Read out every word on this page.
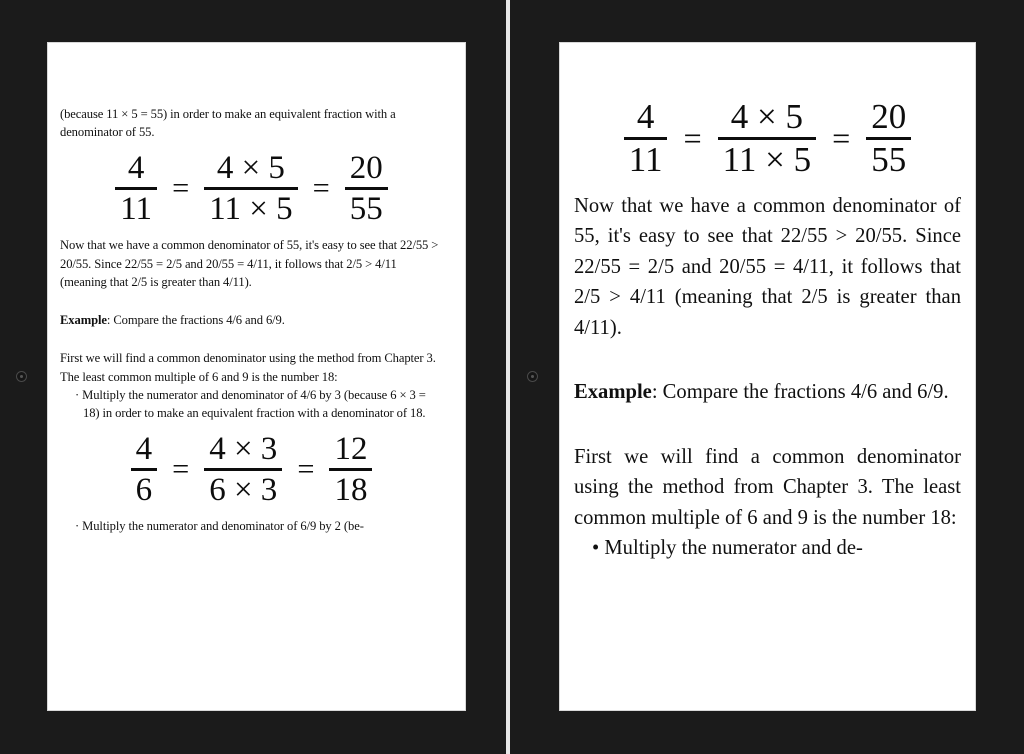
(because 11 × 5 = 55) in order to make an equivalent fraction with a denominator of 55.

$\frac{4}{11} = \frac{4 \times 5}{11 \times 5} = \frac{20}{55}$

Now that we have a common denominator of 55, it's easy to see that 22/55 > 20/55. Since 22/55 = 2/5 and 20/55 = 4/11, it follows that 2/5 > 4/11 (meaning that 2/5 is greater than 4/11).

Example: Compare the fractions 4/6 and 6/9.

First we will find a common denominator using the method from Chapter 3. The least common multiple of 6 and 9 is the number 18:

· Multiply the numerator and denominator of 4/6 by 3 (because 6 × 3 = 18) in order to make an equivalent fraction with a denominator of 18.

$\frac{4}{6} = \frac{4 \times 3}{6 \times 3} = \frac{12}{18}$

· Multiply the numerator and denominator of 6/9 by 2 (be-

$\frac{4}{11} = \frac{4 \times 5}{11 \times 5} = \frac{20}{55}$

Now that we have a common denominator of 55, it's easy to see that 22/55 > 20/55. Since 22/55 = 2/5 and 20/55 = 4/11, it follows that 2/5 > 4/11 (meaning that 2/5 is greater than 4/11).

Example: Compare the fractions 4/6 and 6/9.

First we will find a common denominator using the method from Chapter 3. The least common multiple of 6 and 9 is the number 18:

• Multiply the numerator and de-
